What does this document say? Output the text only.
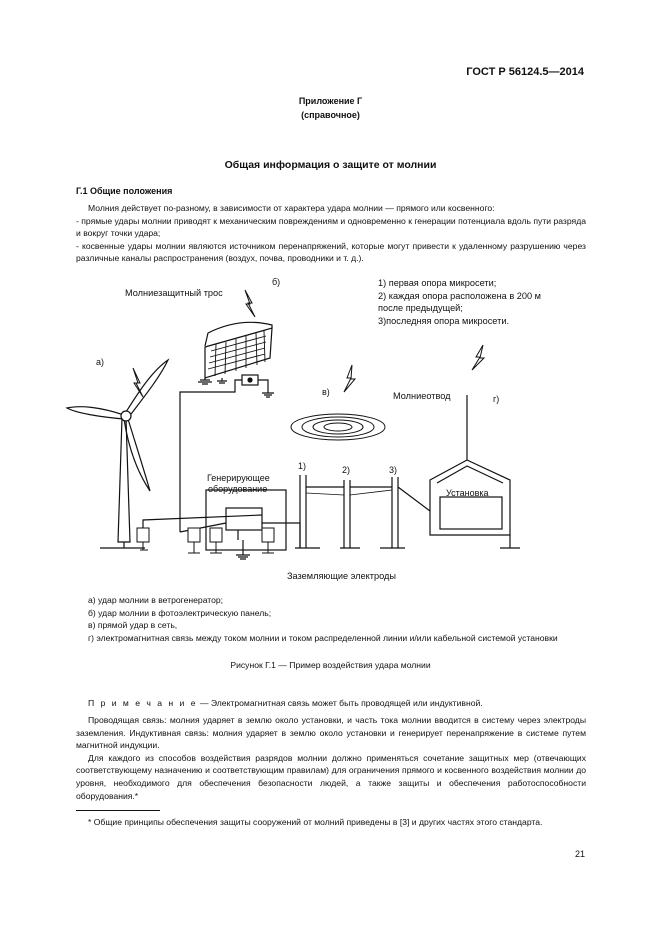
ГОСТ Р 56124.5—2014
Приложение Г
(справочное)
Общая информация о защите от молнии
Г.1 Общие положения
Молния действует по-разному, в зависимости от характера удара молнии — прямого или косвенного:
- прямые удары молнии приводят к механическим повреждениям и одновременно к генерации потенциала вдоль пути разряда и вокруг точки удара;
- косвенные удары молнии являются источником перенапряжений, которые могут привести к удаленному разрушению через различные каналы распространения (воздух, почва, проводники и т. д.).
а)
б)
в)
г)
Молниезащитный трос
Молниеотвод
Генерирующее
оборудование	Установка
Заземляющие электроды
1)	2)	3)
1) первая опора микросети;
2) каждая опора расположена в 200 м
после предыдущей;
3)последняя опора микросети.
а) удар молнии в ветрогенератор;
б) удар молнии в фотоэлектрическую панель;
в) прямой удар в сеть,
г) электромагнитная связь между током молнии и током распределенной линии и/или кабельной системой установки
Рисунок Г.1 — Пример воздействия удара молнии
П р и м е ч а н и е — Электромагнитная связь может быть проводящей или индуктивной.
Проводящая связь: молния ударяет в землю около установки, и часть тока молнии вводится в систему через электроды заземления. Индуктивная связь: молния ударяет в землю около установки и генерирует перенапряжение в системе путем магнитной индукции.
Для каждого из способов воздействия разрядов молнии должно применяться сочетание защитных мер (отвечающих соответствующему назначению и соответствующим правилам) для ограничения прямого и косвенного воздействия молнии до уровня, необходимого для обеспечения безопасности людей, а также защиты и обеспечения работоспособности оборудования.*
* Общие принципы обеспечения защиты сооружений от молний приведены в [3] и других частях этого стандарта.
21
